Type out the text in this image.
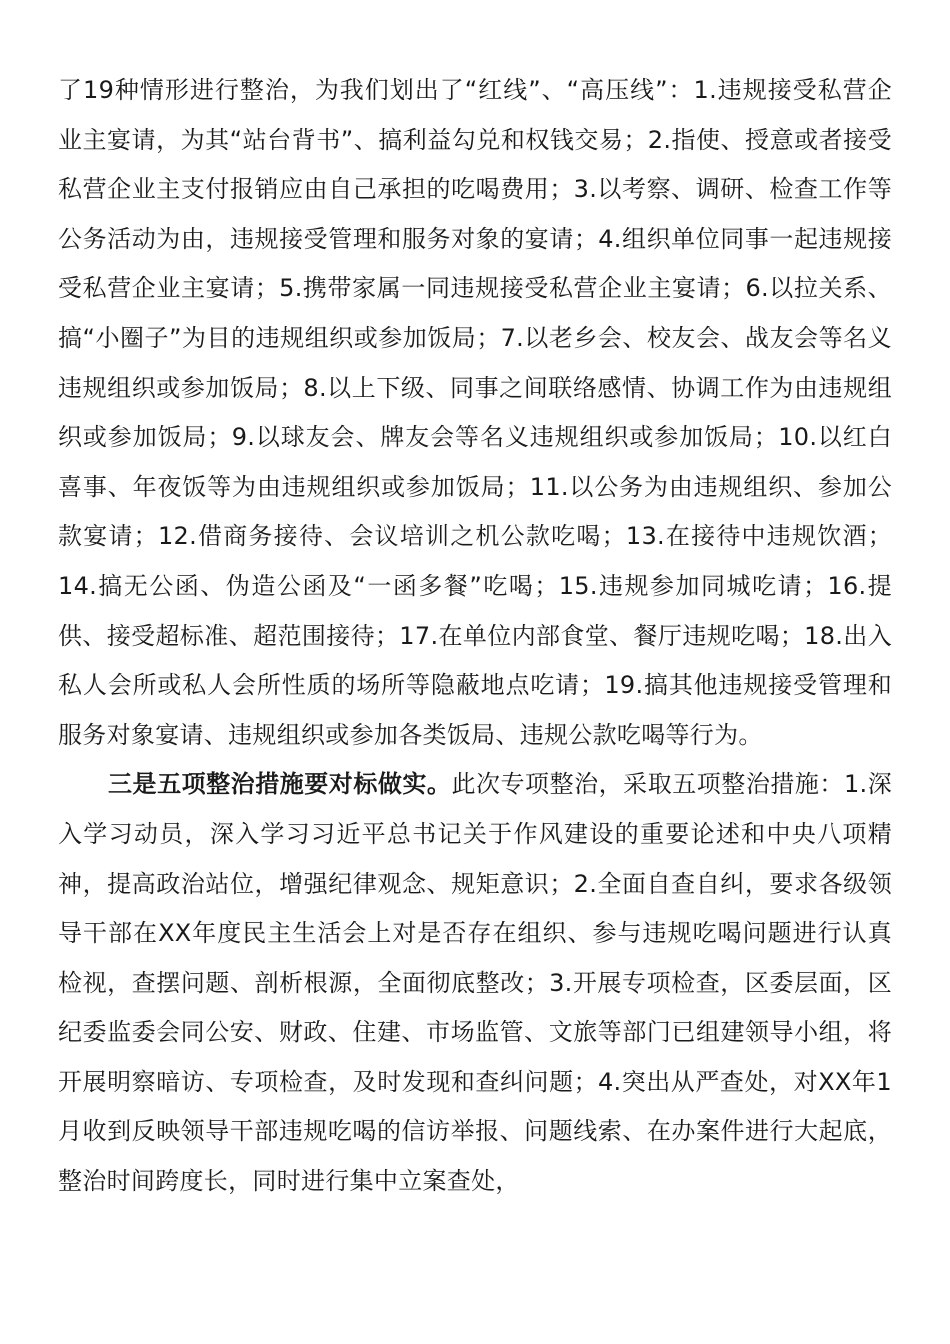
了19种情形进行整治，为我们划出了“红线”、“高压线”：1.违规接受私营企业主宴请，为其“站台背书”、搞利益勾兑和权钱交易；2.指使、授意或者接受私营企业主支付报销应由自己承担的吃喝费用；3.以考察、调研、检查工作等公务活动为由，违规接受管理和服务对象的宴请；4.组织单位同事一起违规接受私营企业主宴请；5.携带家属一同违规接受私营企业主宴请；6.以拉关系、搞“小圈子”为目的违规组织或参加饭局；7.以老乡会、校友会、战友会等名义违规组织或参加饭局；8.以上下级、同事之间联络感情、协调工作为由违规组织或参加饭局；9.以球友会、牌友会等名义违规组织或参加饭局；10.以红白喜事、年夜饭等为由违规组织或参加饭局；11.以公务为由违规组织、参加公款宴请；12.借商务接待、会议培训之机公款吃喝；13.在接待中违规饮酒；14.搞无公函、伪造公函及“一函多餐”吃喝；15.违规参加同城吃请；16.提供、接受超标准、超范围接待；17.在单位内部食堂、餐厅违规吃喝；18.出入私人会所或私人会所性质的场所等隐蔽地点吃请；19.搞其他违规接受管理和服务对象宴请、违规组织或参加各类饭局、违规公款吃喝等行为。

三是五项整治措施要对标做实。此次专项整治，采取五项整治措施：1.深入学习动员，深入学习习近平总书记关于作风建设的重要论述和中央八项精神，提高政治站位，增强纪律观念、规矩意识；2.全面自查自纠，要求各级领导干部在XX年度民主生活会上对是否存在组织、参与违规吃喝问题进行认真检视，查摆问题、剖析根源，全面彻底整改；3.开展专项检查，区委层面，区纪委监委会同公安、财政、住建、市场监管、文旅等部门已组建领导小组，将开展明察暗访、专项检查，及时发现和查纠问题；4.突出从严查处，对XX年1月收到反映领导干部违规吃喝的信访举报、问题线索、在办案件进行大起底，整治时间跨度长，同时进行集中立案查处，
